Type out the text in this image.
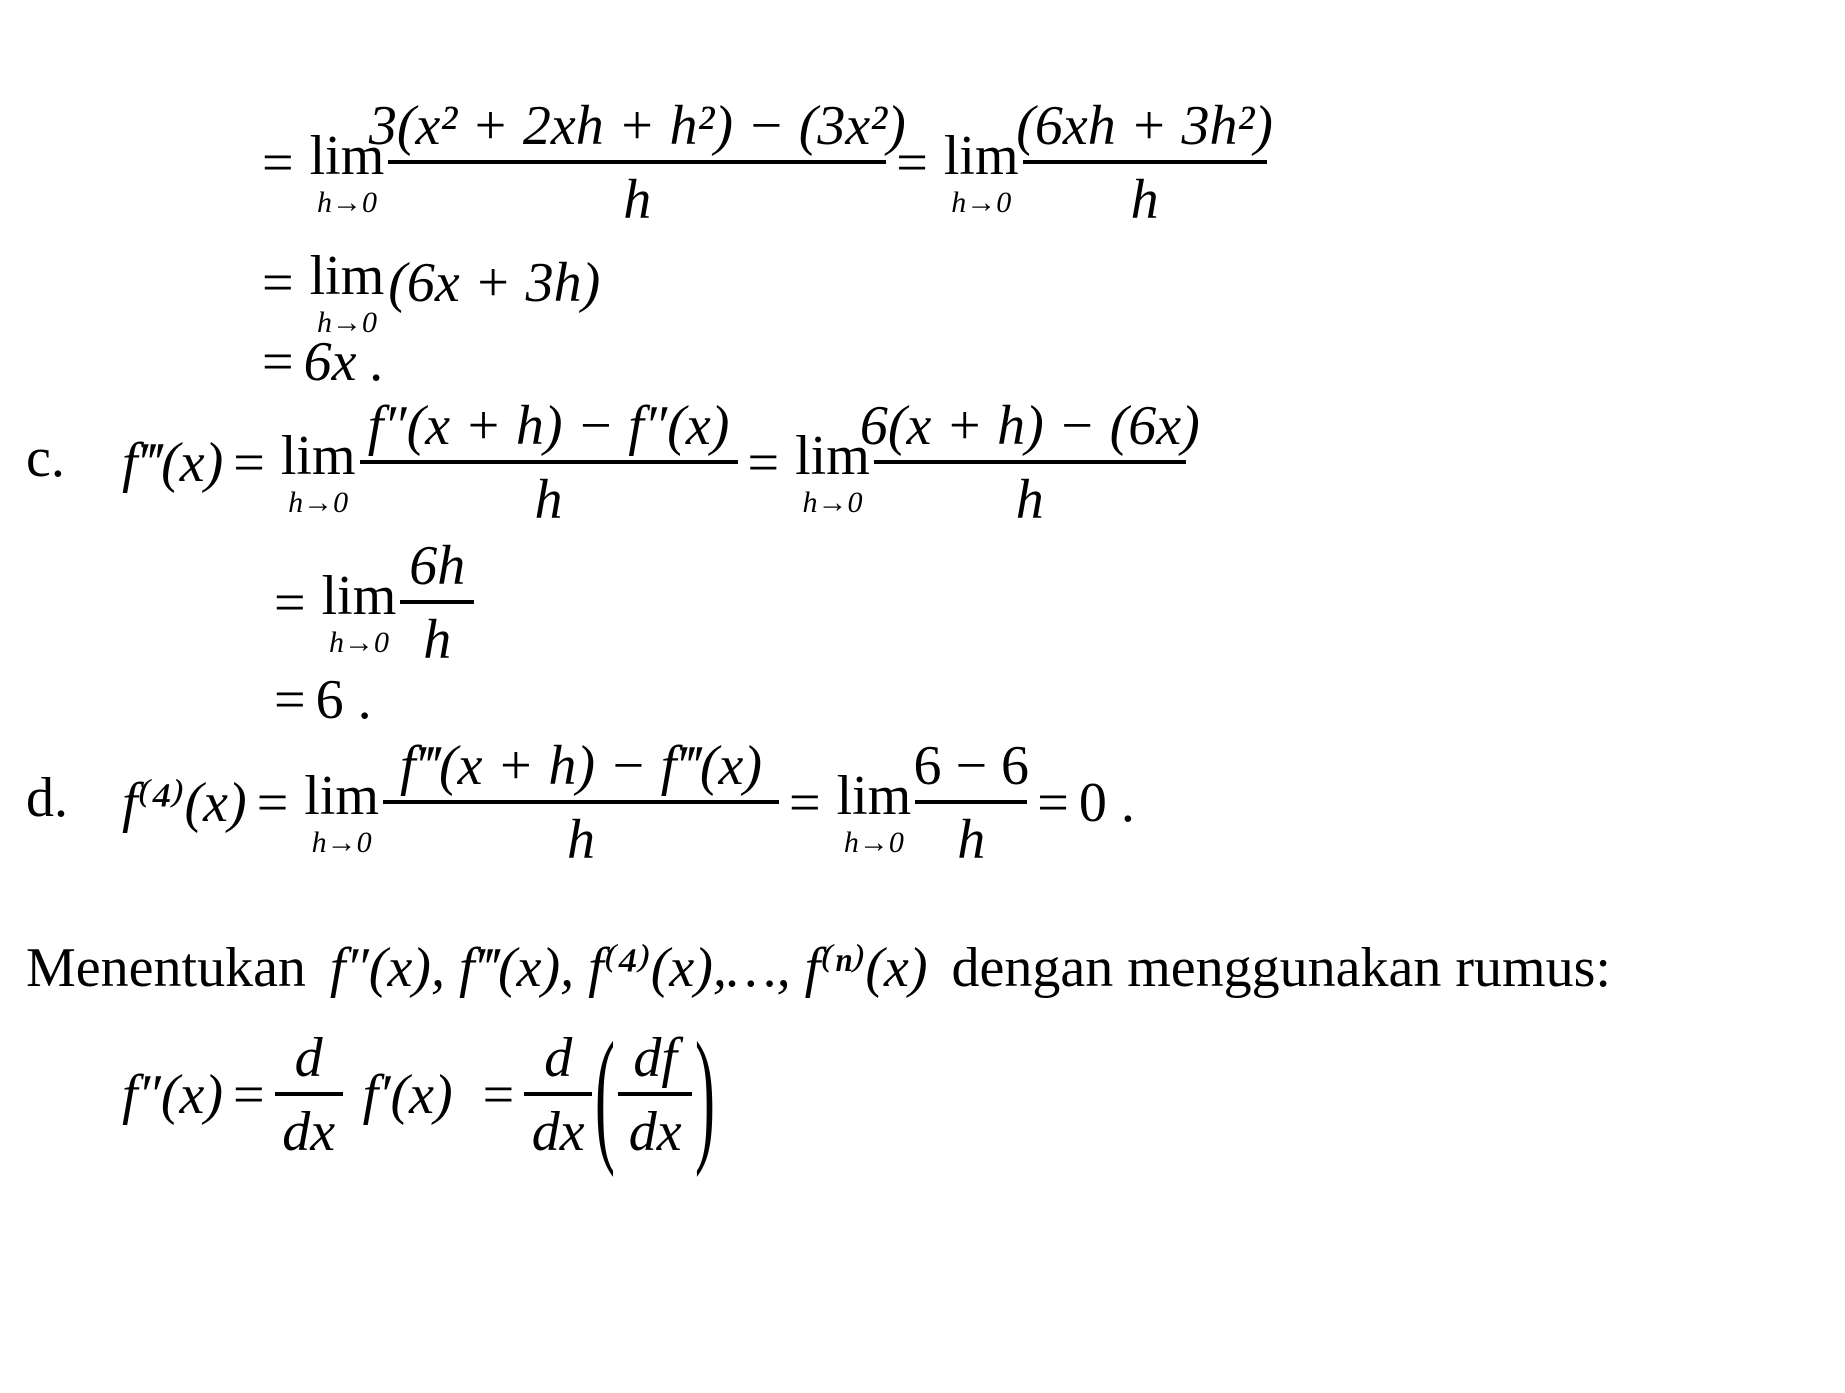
= lim
$h\to 0 \frac{\text{3(x² + 2xh + h²) − (3x²)}}{h} = \lim$
$h\to 0 \frac{\text{(6xh + 3h²)}}{h}$
= lim
h→0
(6x + 3h)
= 6x .
c. f‴(x) = lim
$h\to 0 \frac{f''(x + h) - f''(x)}{h} = \lim$
$h\to 0 \frac{6(x + h) - (6x)}{h}$
= lim
$h\to 0 \frac{6h}{h}$
= 6 .
d. f⁽⁴⁾(x) = lim
$h\to 0 \frac{f‴(x + h) - f‴(x)}{h} = \lim$
$h\to 0 \frac{6 - 6}{h} = 0$ .
Menentukan f″(x), f‴(x), f⁽⁴⁾(x),…, f⁽ⁿ⁾(x) dengan menggunakan rumus:
$f''(x) = \frac{d}{dx} f'(x) = \frac{d}{dx}$ ( $\frac{df}{dx}$ )
